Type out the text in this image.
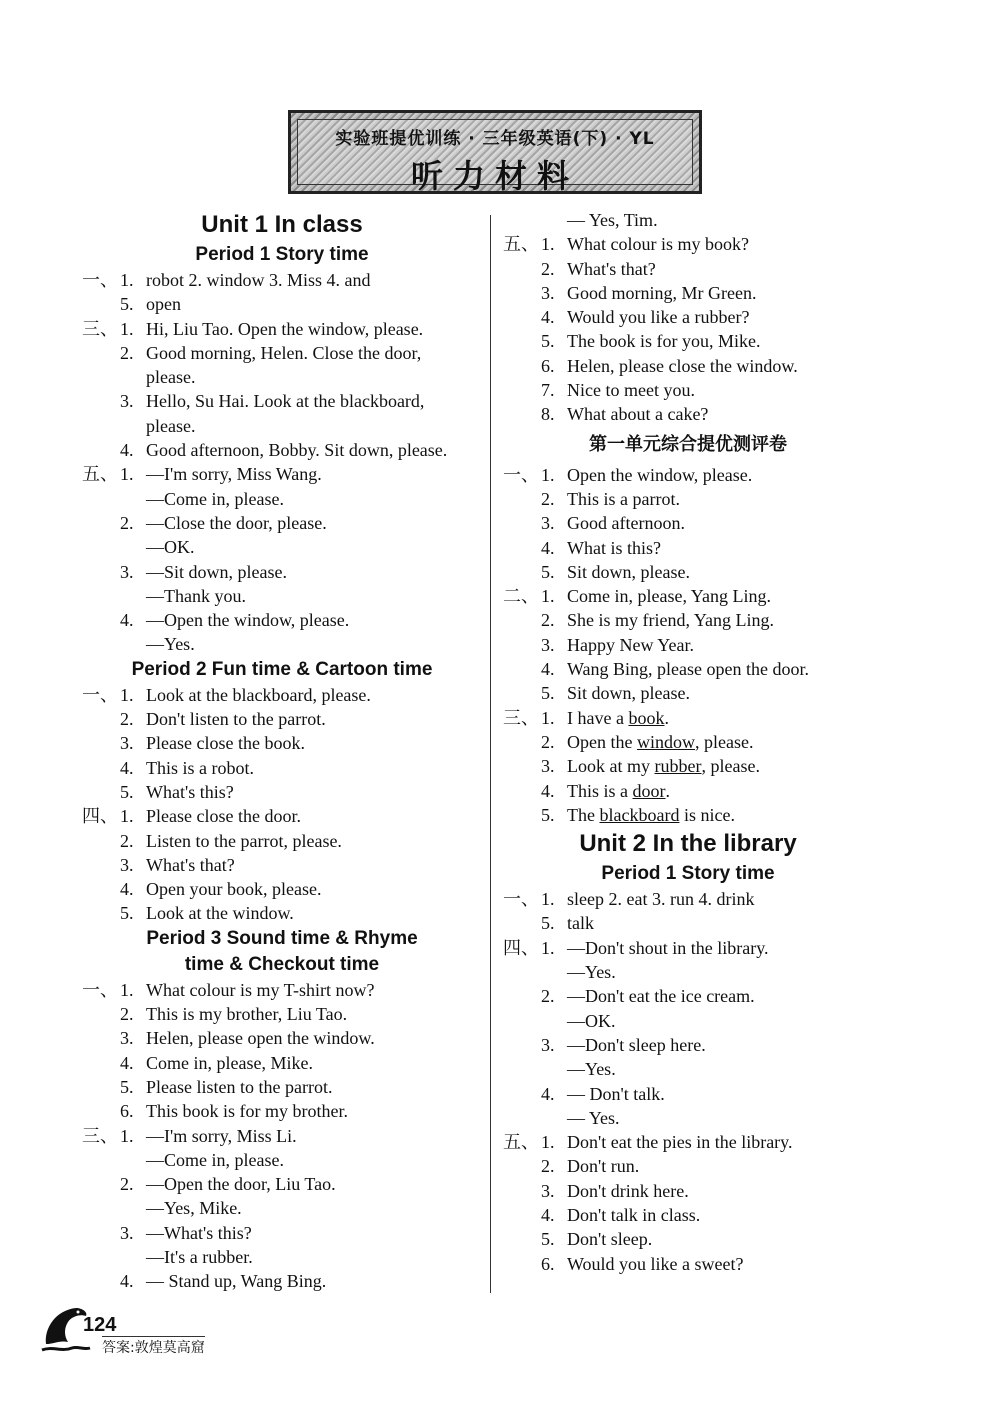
实验班提优训练 · 三年级英语(下) · YL
听力材料
Unit 1 In class
Period 1 Story time
一、 1. robot 2. window 3. Miss 4. and
5. open
三、 1. Hi, Liu Tao. Open the window, please.
2. Good morning, Helen. Close the door,
please.
3. Hello, Su Hai. Look at the blackboard,
please.
4. Good afternoon, Bobby. Sit down, please.
五、 1. —I'm sorry, Miss Wang.
—Come in, please.
2. —Close the door, please.
—OK.
3. —Sit down, please.
—Thank you.
4. —Open the window, please.
—Yes.
Period 2 Fun time & Cartoon time
一、 1. Look at the blackboard, please.
2. Don't listen to the parrot.
3. Please close the book.
4. This is a robot.
5. What's this?
四、 1. Please close the door.
2. Listen to the parrot, please.
3. What's that?
4. Open your book, please.
5. Look at the window.
Period 3 Sound time & Rhyme
time & Checkout time
一、 1. What colour is my T-shirt now?
2. This is my brother, Liu Tao.
3. Helen, please open the window.
4. Come in, please, Mike.
5. Please listen to the parrot.
6. This book is for my brother.
三、 1. —I'm sorry, Miss Li.
—Come in, please.
2. —Open the door, Liu Tao.
—Yes, Mike.
3. —What's this?
—It's a rubber.
4. — Stand up, Wang Bing.
— Yes, Tim.
五、 1. What colour is my book?
2. What's that?
3. Good morning, Mr Green.
4. Would you like a rubber?
5. The book is for you, Mike.
6. Helen, please close the window.
7. Nice to meet you.
8. What about a cake?
第一单元综合提优测评卷
一、 1. Open the window, please.
2. This is a parrot.
3. Good afternoon.
4. What is this?
5. Sit down, please.
二、 1. Come in, please, Yang Ling.
2. She is my friend, Yang Ling.
3. Happy New Year.
4. Wang Bing, please open the door.
5. Sit down, please.
三、 1. I have a book.
2. Open the window, please.
3. Look at my rubber, please.
4. This is a door.
5. The blackboard is nice.
Unit 2 In the library
Period 1 Story time
一、 1. sleep 2. eat 3. run 4. drink
5. talk
四、 1. —Don't shout in the library.
—Yes.
2. —Don't eat the ice cream.
—OK.
3. —Don't sleep here.
—Yes.
4. — Don't talk.
— Yes.
五、 1. Don't eat the pies in the library.
2. Don't run.
3. Don't drink here.
4. Don't talk in class.
5. Don't sleep.
6. Would you like a sweet?
124
答案:敦煌莫高窟
